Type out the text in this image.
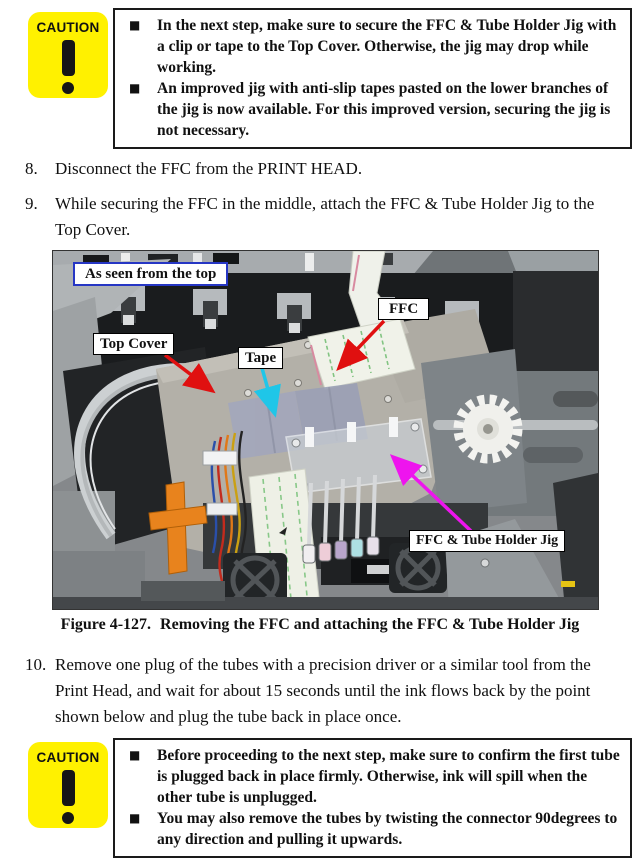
CAUTION	■	In the next step, make sure to secure the FFC & Tube Holder Jig with a clip or tape to the Top Cover. Otherwise, the jig may drop while working.

■	An improved jig with anti-slip tapes pasted on the lower branches of the jig is now available. For this improved version, securing the jig is not necessary.

8.	Disconnect the FFC from the PRINT HEAD.

9.	While securing the FFC in the middle, attach the FFC & Tube Holder Jig to the Top Cover.

As seen from the top
FFC
Top Cover
Tape
FFC & Tube Holder Jig
Figure 4-127. Removing the FFC and attaching the FFC & Tube Holder Jig
10. Remove one plug of the tubes with a precision driver or a similar tool from the Print Head, and wait for about 15 seconds until the ink flows back by the point shown below and plug the tube back in place once.

CAUTION	■	Before proceeding to the next step, make sure to confirm the first tube is plugged back in place firmly. Otherwise, ink will spill when the other tube is unplugged.

■	You may also remove the tubes by twisting the connector 90degrees to any direction and pulling it upwards.
